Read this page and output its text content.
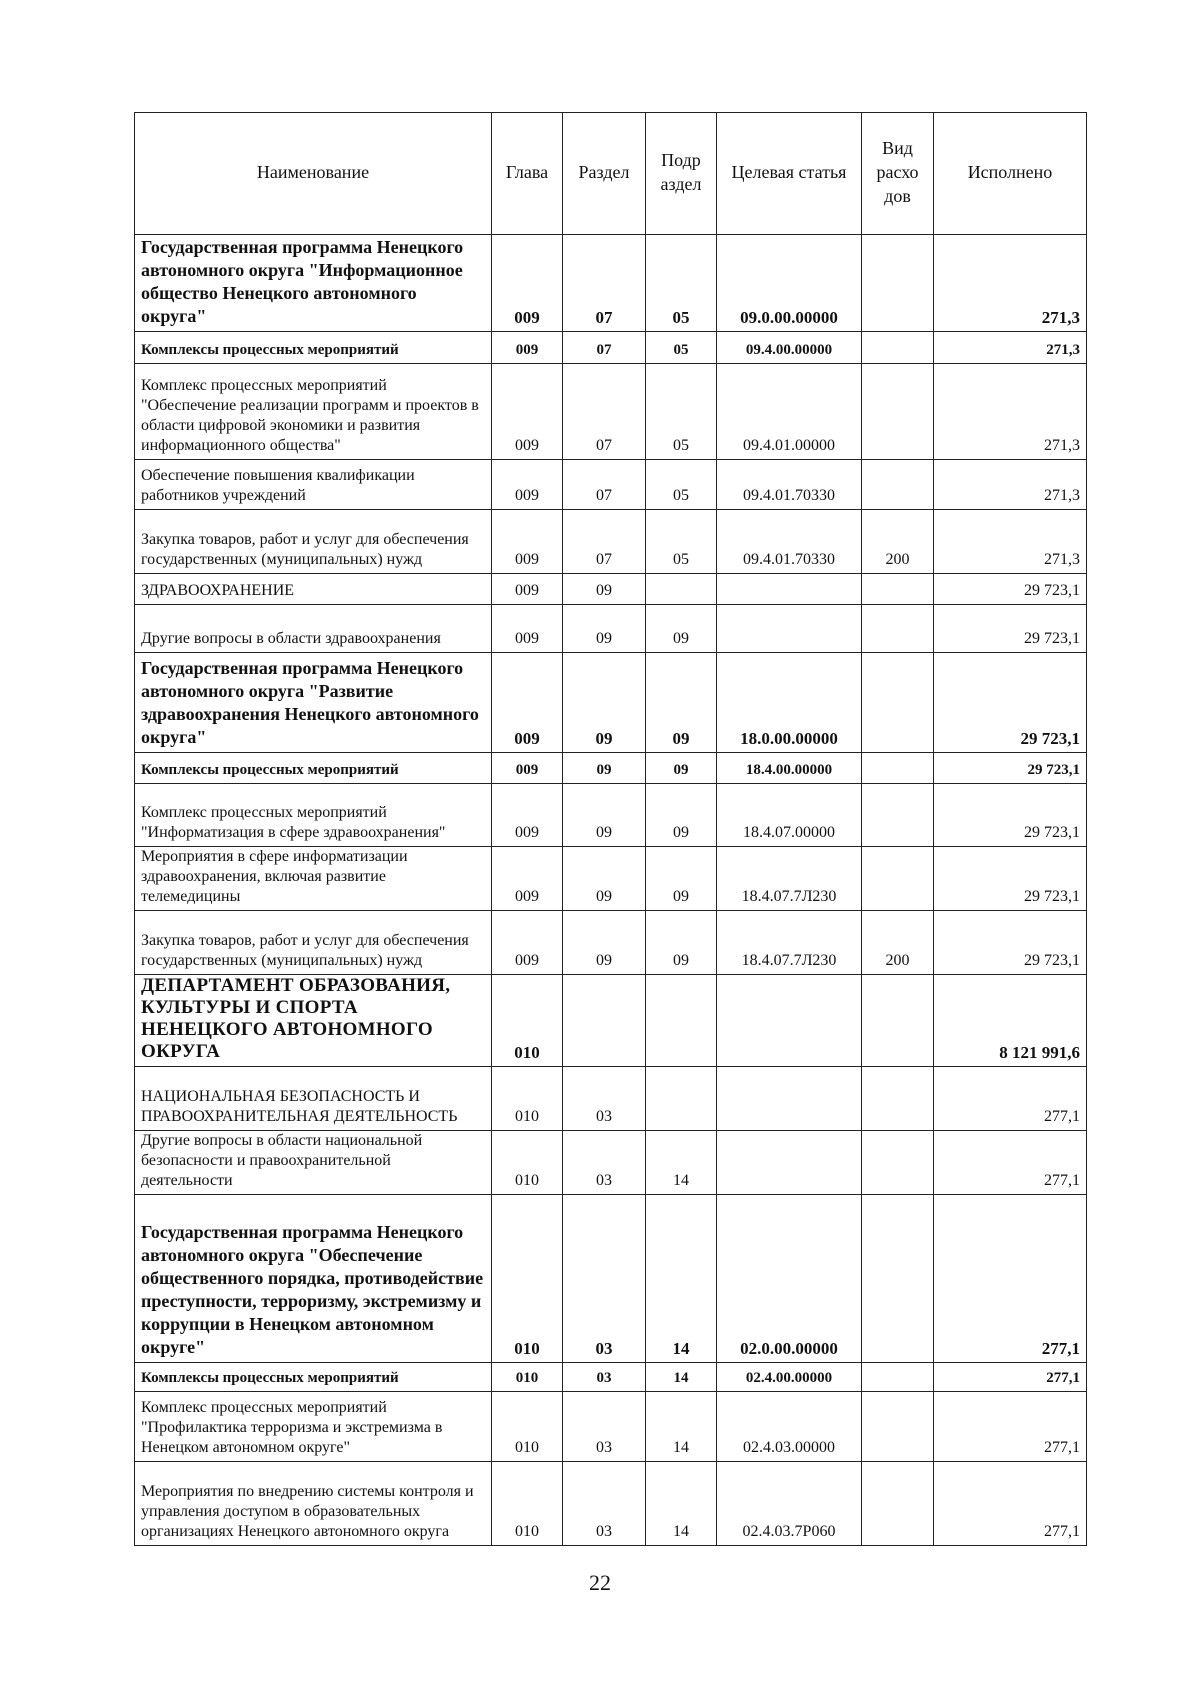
Наименование	Глава	Раздел	Подр аздел	Целевая статья	Вид расхо дов	Исполнено
Государственная программа Ненецкого автономного округа "Информационное общество Ненецкого автономного округа"	009	07	05	09.0.00.00000		271,3
Комплексы процессных мероприятий	009	07	05	09.4.00.00000		271,3
Комплекс процессных мероприятий "Обеспечение реализации программ и проектов в области цифровой экономики и развития информационного общества"	009	07	05	09.4.01.00000		271,3
Обеспечение повышения квалификации работников учреждений	009	07	05	09.4.01.70330		271,3
Закупка товаров, работ и услуг для обеспечения государственных (муниципальных) нужд	009	07	05	09.4.01.70330	200	271,3
ЗДРАВООХРАНЕНИЕ	009	09				29 723,1
Другие вопросы в области здравоохранения	009	09	09			29 723,1
Государственная программа Ненецкого автономного округа "Развитие здравоохранения Ненецкого автономного округа"	009	09	09	18.0.00.00000		29 723,1
Комплексы процессных мероприятий	009	09	09	18.4.00.00000		29 723,1
Комплекс процессных мероприятий "Информатизация в сфере здравоохранения"	009	09	09	18.4.07.00000		29 723,1
Мероприятия в сфере информатизации здравоохранения, включая развитие телемедицины	009	09	09	18.4.07.7Л230		29 723,1
Закупка товаров, работ и услуг для обеспечения государственных (муниципальных) нужд	009	09	09	18.4.07.7Л230	200	29 723,1
ДЕПАРТАМЕНТ ОБРАЗОВАНИЯ, КУЛЬТУРЫ И СПОРТА НЕНЕЦКОГО АВТОНОМНОГО ОКРУГА	010					8 121 991,6
НАЦИОНАЛЬНАЯ БЕЗОПАСНОСТЬ И ПРАВООХРАНИТЕЛЬНАЯ ДЕЯТЕЛЬНОСТЬ	010	03				277,1
Другие вопросы в области национальной безопасности и правоохранительной деятельности	010	03	14			277,1
Государственная программа Ненецкого автономного округа "Обеспечение общественного порядка, противодействие преступности, терроризму, экстремизму и коррупции в Ненецком автономном округе"	010	03	14	02.0.00.00000		277,1
Комплексы процессных мероприятий	010	03	14	02.4.00.00000		277,1
Комплекс процессных мероприятий "Профилактика терроризма и экстремизма в Ненецком автономном округе"	010	03	14	02.4.03.00000		277,1
Мероприятия по внедрению системы контроля и управления доступом в образовательных организациях Ненецкого автономного округа	010	03	14	02.4.03.7Р060		277,1
22
